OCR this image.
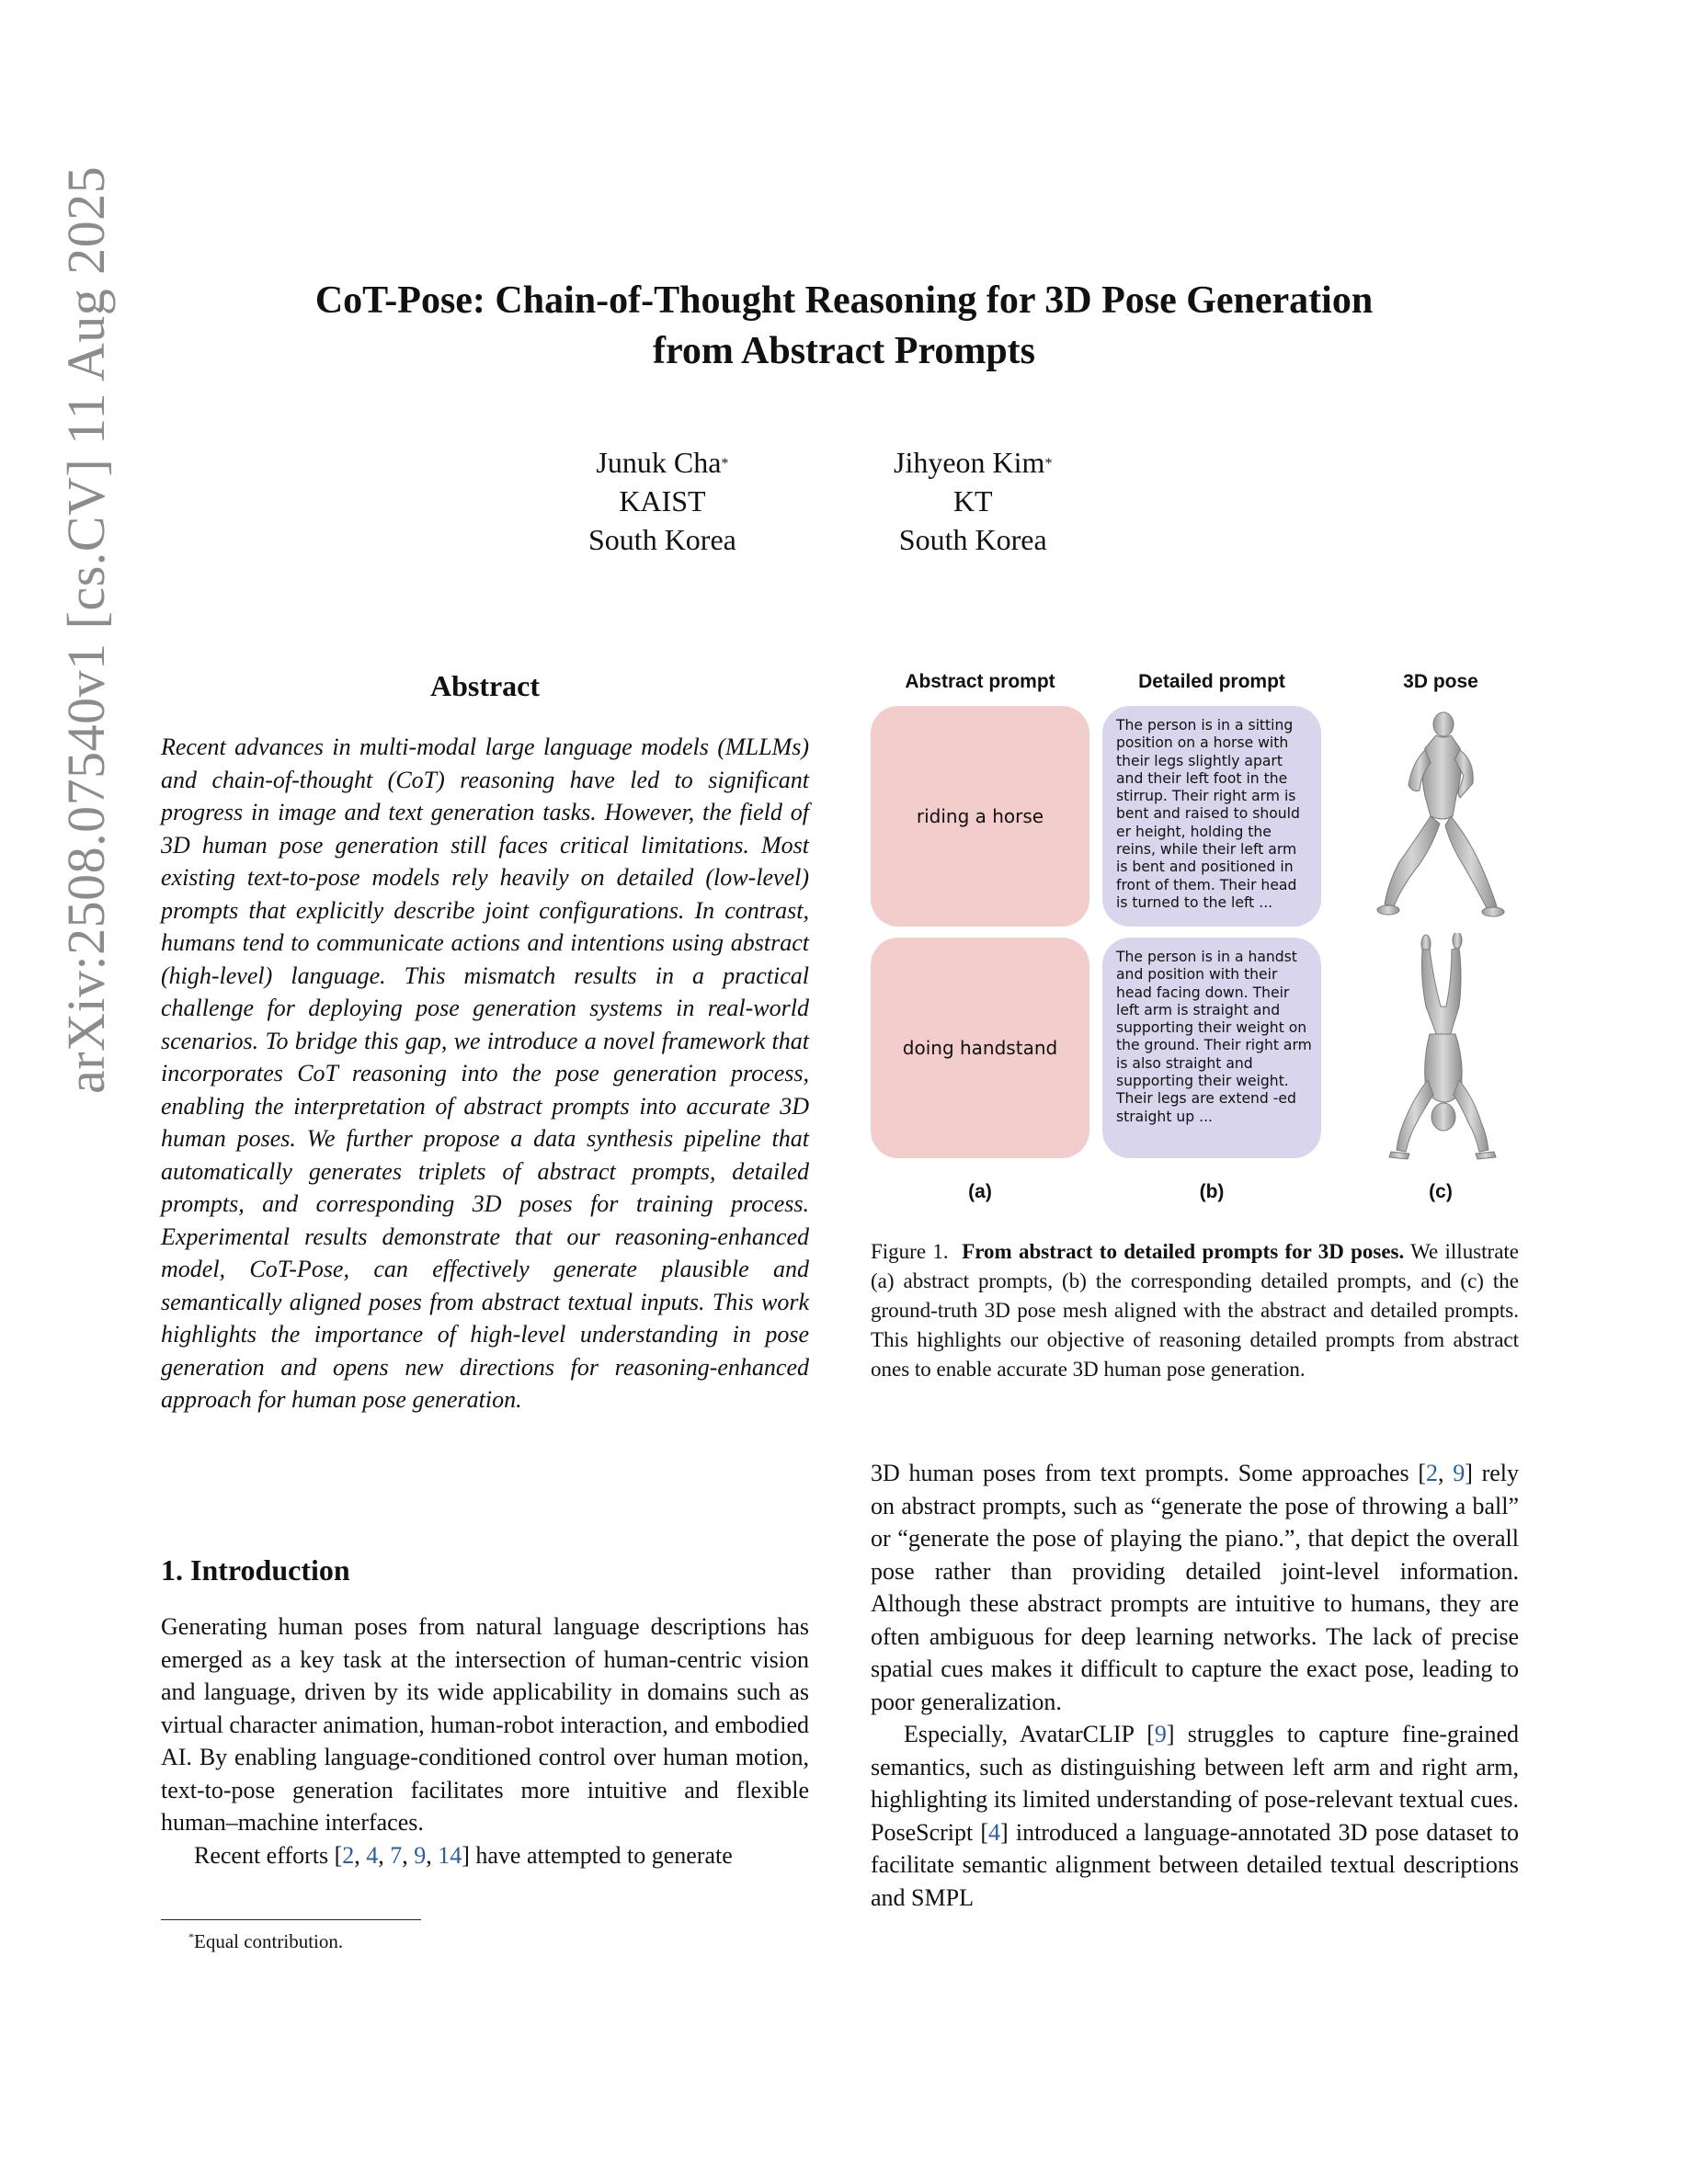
arXiv:2508.07540v1 [cs.CV] 11 Aug 2025	CoT-Pose: Chain-of-Thought Reasoning for 3D Pose Generation
from Abstract Prompts
Junuk Cha*
KAIST
South Korea
Jihyeon Kim*
KT
South Korea
Abstract

Recent advances in multi-modal large language models (MLLMs) and chain-of-thought (CoT) reasoning have led to significant progress in image and text generation tasks. However, the field of 3D human pose generation still faces critical limitations. Most existing text-to-pose models rely heavily on detailed (low-level) prompts that explicitly describe joint configurations. In contrast, humans tend to communicate actions and intentions using abstract (high-level) language. This mismatch results in a practical challenge for deploying pose generation systems in real-world scenarios. To bridge this gap, we introduce a novel framework that incorporates CoT reasoning into the pose generation process, enabling the interpretation of abstract prompts into accurate 3D human poses. We further propose a data synthesis pipeline that automatically generates triplets of abstract prompts, detailed prompts, and corresponding 3D poses for training process. Experimental results demonstrate that our reasoning-enhanced model, CoT-Pose, can effectively generate plausible and semantically aligned poses from abstract textual inputs. This work highlights the importance of high-level understanding in pose generation and opens new directions for reasoning-enhanced approach for human pose generation.

1. Introduction

Generating human poses from natural language descriptions has emerged as a key task at the intersection of human-centric vision and language, driven by its wide applicability in domains such as virtual character animation, human-robot interaction, and embodied AI. By enabling language-conditioned control over human motion, text-to-pose generation facilitates more intuitive and flexible human–machine interfaces.

Recent efforts [2, 4, 7, 9, 14] have attempted to generate

*Equal contribution.
Abstract prompt	Detailed prompt	3D pose
riding a horse

The person is in a sitting position on a horse with their legs slightly apart and their left foot in the stirrup. Their right arm is bent and raised to should er height, holding the reins, while their left arm is bent and positioned in front of them. Their head is turned to the left ...

doing handstand

The person is in a handst and position with their head facing down. Their left arm is straight and supporting their weight on the ground. Their right arm is also straight and supporting their weight. Their legs are extend -ed straight up ...

(a)	(b)	(c)

Figure 1. From abstract to detailed prompts for 3D poses. We illustrate (a) abstract prompts, (b) the corresponding detailed prompts, and (c) the ground-truth 3D pose mesh aligned with the abstract and detailed prompts. This highlights our objective of reasoning detailed prompts from abstract ones to enable accurate 3D human pose generation.

3D human poses from text prompts. Some approaches [2, 9] rely on abstract prompts, such as “generate the pose of throwing a ball” or “generate the pose of playing the piano.”, that depict the overall pose rather than providing detailed joint-level information. Although these abstract prompts are intuitive to humans, they are often ambiguous for deep learning networks. The lack of precise spatial cues makes it difficult to capture the exact pose, leading to poor generalization.

Especially, AvatarCLIP [9] struggles to capture fine-grained semantics, such as distinguishing between left arm and right arm, highlighting its limited understanding of pose-relevant textual cues. PoseScript [4] introduced a language-annotated 3D pose dataset to facilitate semantic alignment between detailed textual descriptions and SMPL
